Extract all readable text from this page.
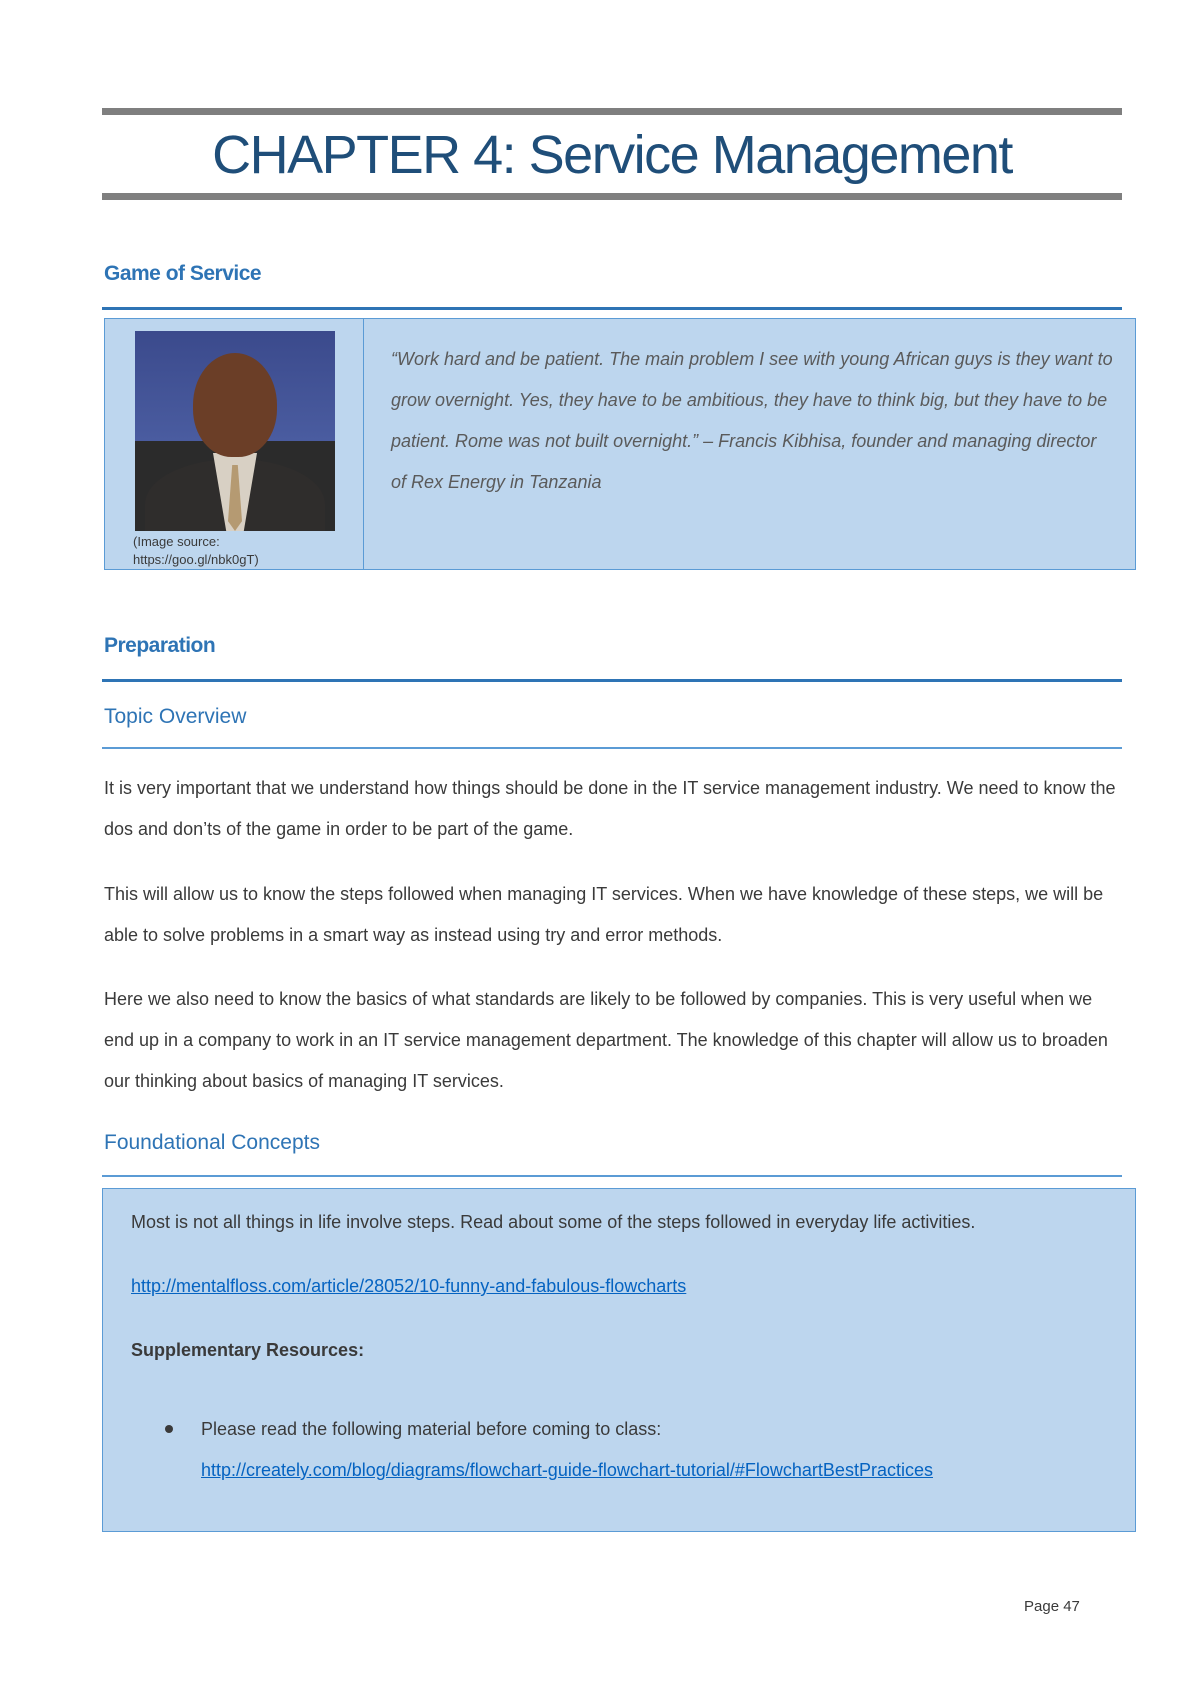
CHAPTER 4: Service Management
Game of Service
(Image source:
https://goo.gl/nbk0gT)
“Work hard and be patient. The main problem I see with young African guys is they want to grow overnight. Yes, they have to be ambitious, they have to think big, but they have to be patient. Rome was not built overnight.” – Francis Kibhisa, founder and managing director of Rex Energy in Tanzania
Preparation
Topic Overview
It is very important that we understand how things should be done in the IT service management industry. We need to know the dos and don’ts of the game in order to be part of the game.
This will allow us to know the steps followed when managing IT services. When we have knowledge of these steps, we will be able to solve problems in a smart way as instead using try and error methods.
Here we also need to know the basics of what standards are likely to be followed by companies. This is very useful when we end up in a company to work in an IT service management department. The knowledge of this chapter will allow us to broaden our thinking about basics of managing IT services.
Foundational Concepts
Most is not all things in life involve steps. Read about some of the steps followed in everyday life activities.
http://mentalfloss.com/article/28052/10-funny-and-fabulous-flowcharts
Supplementary Resources:
Please read the following material before coming to class: http://creately.com/blog/diagrams/flowchart-guide-flowchart-tutorial/#FlowchartBestPractices
Page 47
